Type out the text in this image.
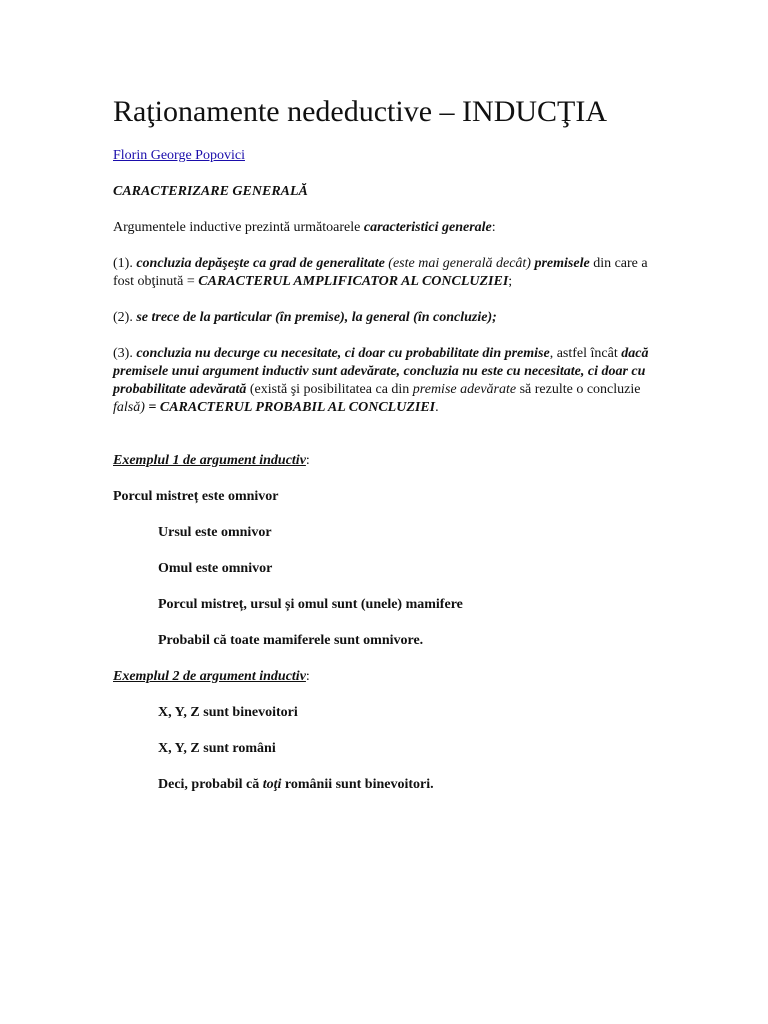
Raţionamente nedeductive – INDUCŢIA

Florin George Popovici

CARACTERIZARE GENERALĂ

Argumentele inductive prezintă următoarele caracteristici generale:

(1). concluzia depăşeşte ca grad de generalitate (este mai generală decât) premisele din care a fost obţinută = CARACTERUL AMPLIFICATOR AL CONCLUZIEI;

(2). se trece de la particular (în premise), la general (în concluzie);

(3). concluzia nu decurge cu necesitate, ci doar cu probabilitate din premise, astfel încât dacă premisele unui argument inductiv sunt adevărate, concluzia nu este cu necesitate, ci doar cu probabilitate adevărată (există şi posibilitatea ca din premise adevărate să rezulte o concluzie falsă) = CARACTERUL PROBABIL AL CONCLUZIEI.

Exemplul 1 de argument inductiv:

Porcul mistreț este omnivor

Ursul este omnivor

Omul este omnivor

Porcul mistreț, ursul și omul sunt (unele) mamifere

Probabil că toate mamiferele sunt omnivore.

Exemplul 2 de argument inductiv:

X, Y, Z sunt binevoitori

X, Y, Z sunt români

Deci, probabil că toţi românii sunt binevoitori.
